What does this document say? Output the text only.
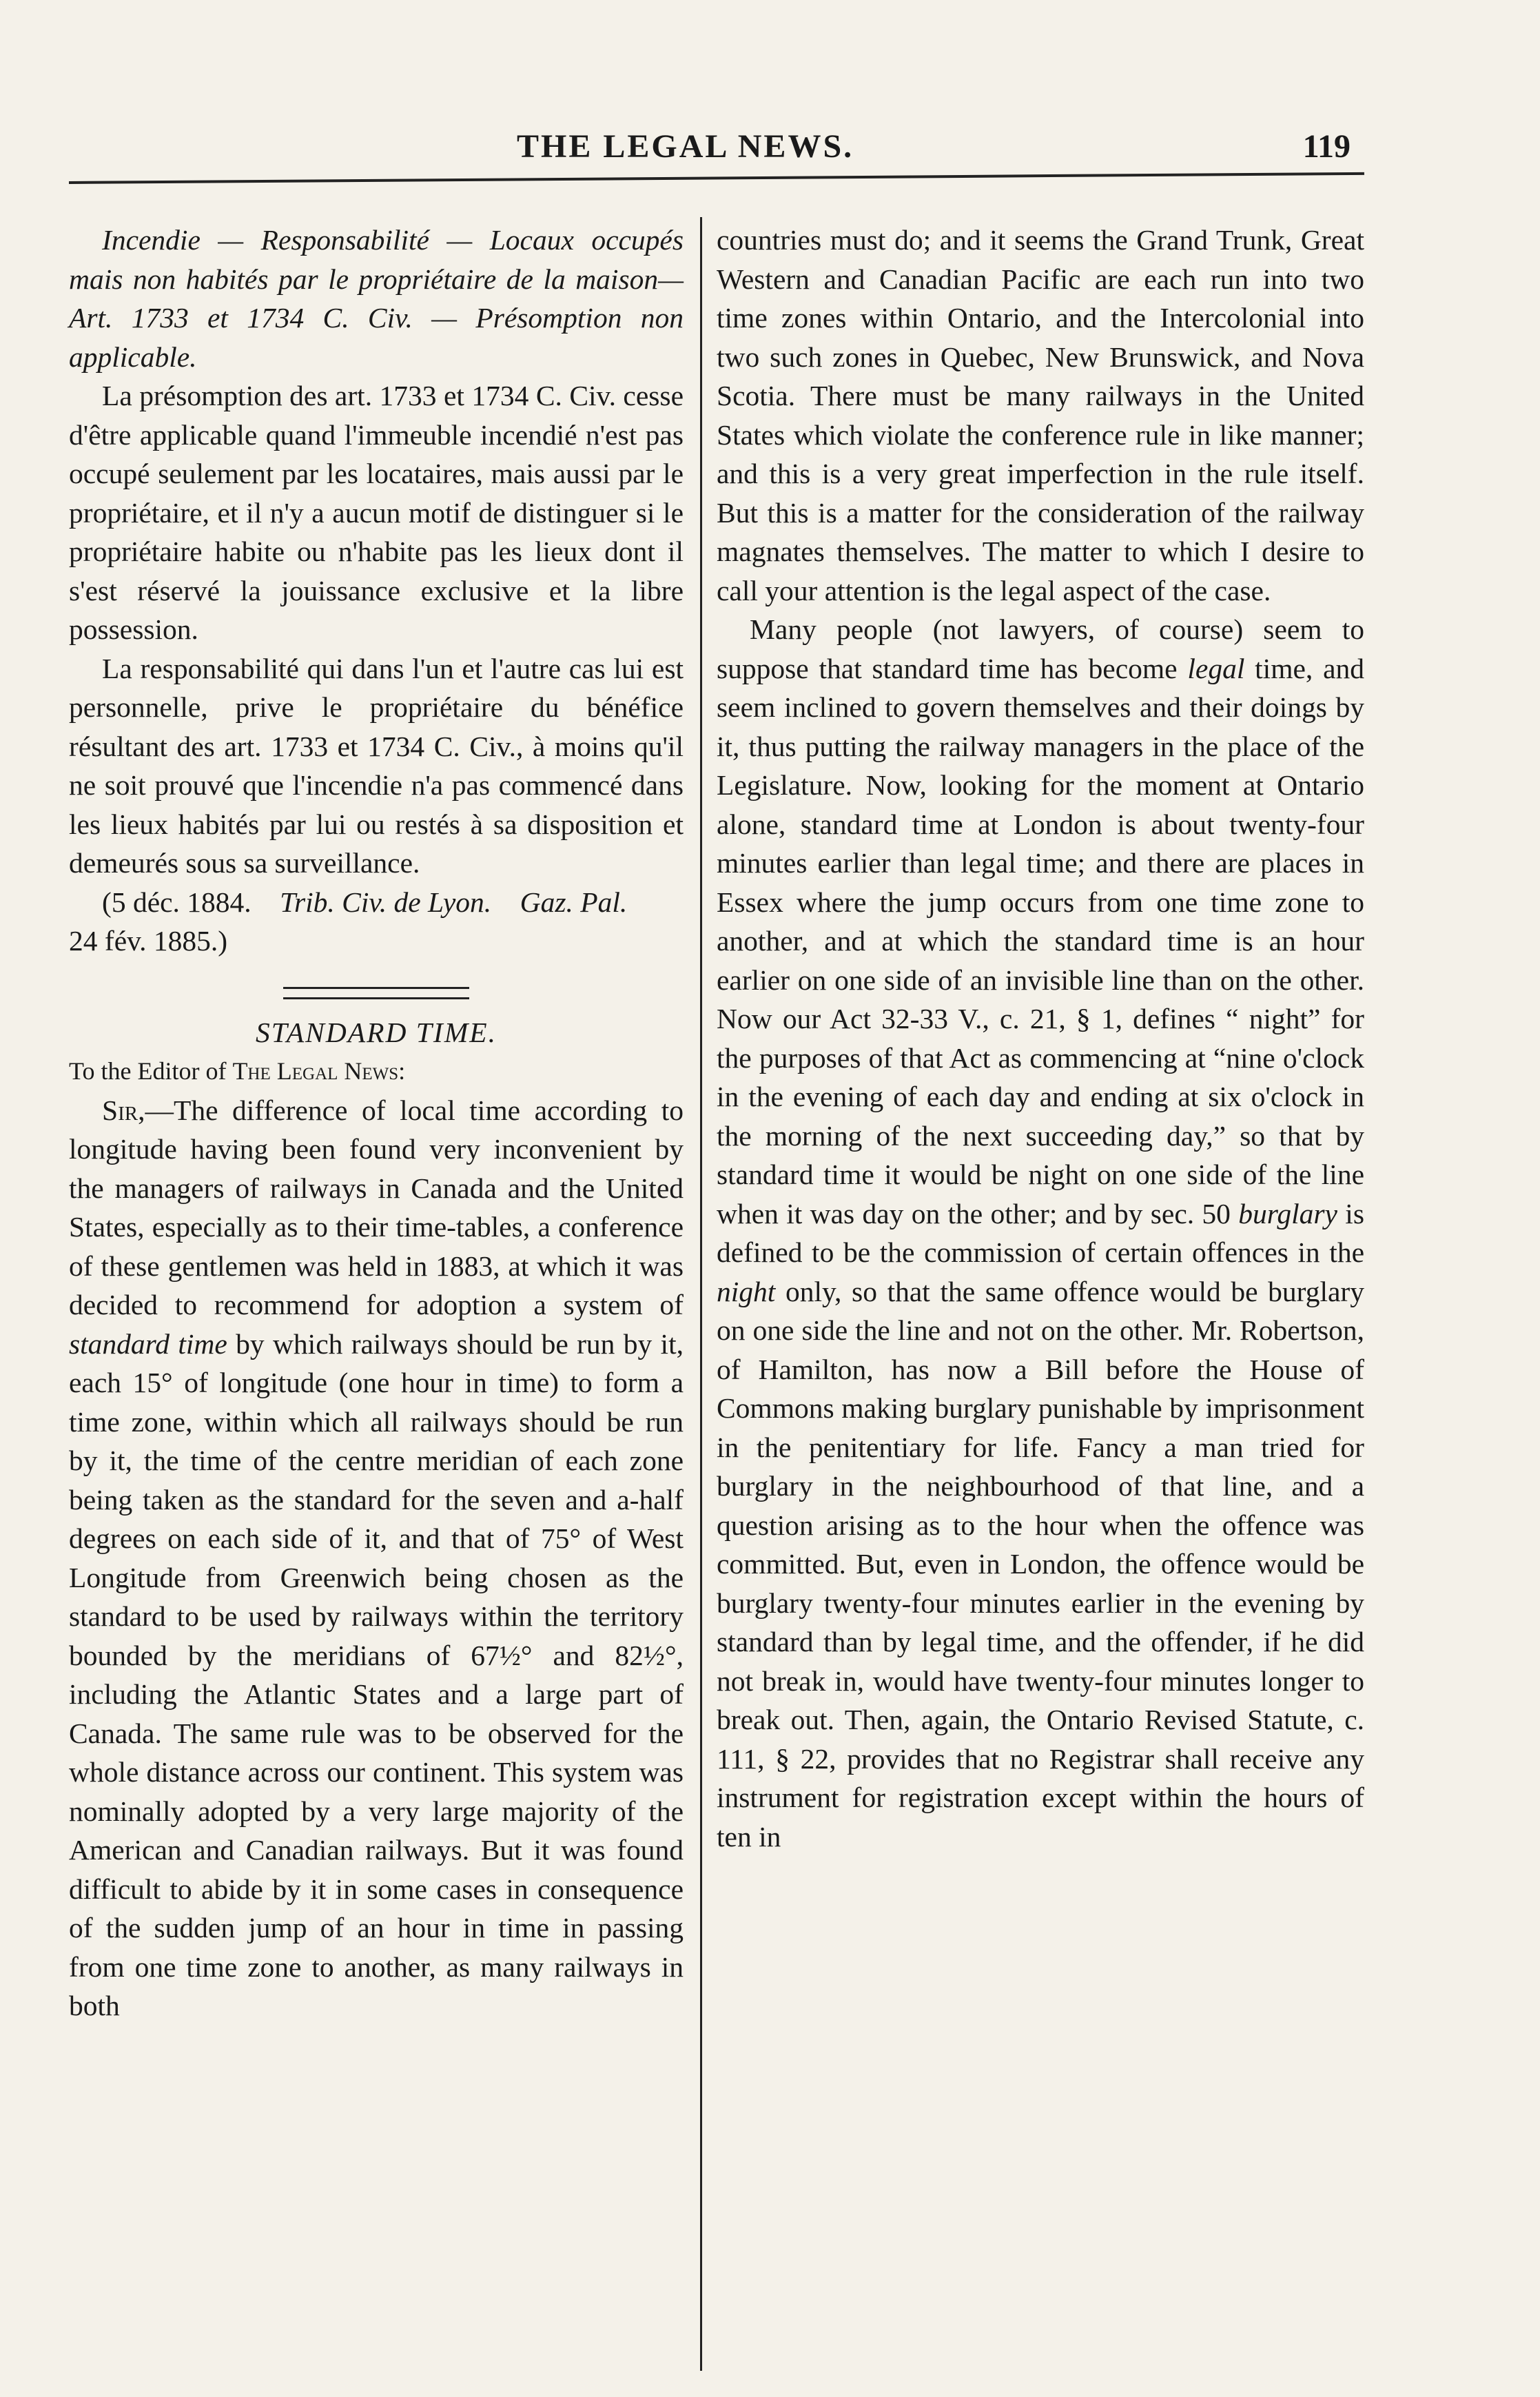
THE LEGAL NEWS.	119

Incendie — Responsabilité — Locaux occupés mais non habités par le propriétaire de la maison—Art. 1733 et 1734 C. Civ. — Présomption non applicable.

La présomption des art. 1733 et 1734 C. Civ. cesse d'être applicable quand l'immeuble incendié n'est pas occupé seulement par les locataires, mais aussi par le propriétaire, et il n'y a aucun motif de distinguer si le propriétaire habite ou n'habite pas les lieux dont il s'est réservé la jouissance exclusive et la libre possession.

La responsabilité qui dans l'un et l'autre cas lui est personnelle, prive le propriétaire du bénéfice résultant des art. 1733 et 1734 C. Civ., à moins qu'il ne soit prouvé que l'incendie n'a pas commencé dans les lieux habités par lui ou restés à sa disposition et demeurés sous sa surveillance.

(5 déc. 1884. Trib. Civ. de Lyon. Gaz. Pal.
24 fév. 1885.)

STANDARD TIME.

To the Editor of The Legal News:

Sir,—The difference of local time according to longitude having been found very inconvenient by the managers of railways in Canada and the United States, especially as to their time-tables, a conference of these gentlemen was held in 1883, at which it was decided to recommend for adoption a system of standard time by which railways should be run by it, each 15° of longitude (one hour in time) to form a time zone, within which all railways should be run by it, the time of the centre meridian of each zone being taken as the standard for the seven and a-half degrees on each side of it, and that of 75° of West Longitude from Greenwich being chosen as the standard to be used by railways within the territory bounded by the meridians of 67½° and 82½°, including the Atlantic States and a large part of Canada. The same rule was to be observed for the whole distance across our continent. This system was nominally adopted by a very large majority of the American and Canadian railways. But it was found difficult to abide by it in some cases in consequence of the sudden jump of an hour in time in passing from one time zone to another, as many railways in both

countries must do; and it seems the Grand Trunk, Great Western and Canadian Pacific are each run into two time zones within Ontario, and the Intercolonial into two such zones in Quebec, New Brunswick, and Nova Scotia. There must be many railways in the United States which violate the conference rule in like manner; and this is a very great imperfection in the rule itself. But this is a matter for the consideration of the railway magnates themselves. The matter to which I desire to call your attention is the legal aspect of the case.

Many people (not lawyers, of course) seem to suppose that standard time has become legal time, and seem inclined to govern themselves and their doings by it, thus putting the railway managers in the place of the Legislature. Now, looking for the moment at Ontario alone, standard time at London is about twenty-four minutes earlier than legal time; and there are places in Essex where the jump occurs from one time zone to another, and at which the standard time is an hour earlier on one side of an invisible line than on the other. Now our Act 32-33 V., c. 21, § 1, defines “ night” for the purposes of that Act as commencing at “nine o'clock in the evening of each day and ending at six o'clock in the morning of the next succeeding day,” so that by standard time it would be night on one side of the line when it was day on the other; and by sec. 50 burglary is defined to be the commission of certain offences in the night only, so that the same offence would be burglary on one side the line and not on the other. Mr. Robertson, of Hamilton, has now a Bill before the House of Commons making burglary punishable by imprisonment in the penitentiary for life. Fancy a man tried for burglary in the neighbourhood of that line, and a question arising as to the hour when the offence was committed. But, even in London, the offence would be burglary twenty-four minutes earlier in the evening by standard than by legal time, and the offender, if he did not break in, would have twenty-four minutes longer to break out. Then, again, the Ontario Revised Statute, c. 111, § 22, provides that no Registrar shall receive any instrument for registration except within the hours of ten in
